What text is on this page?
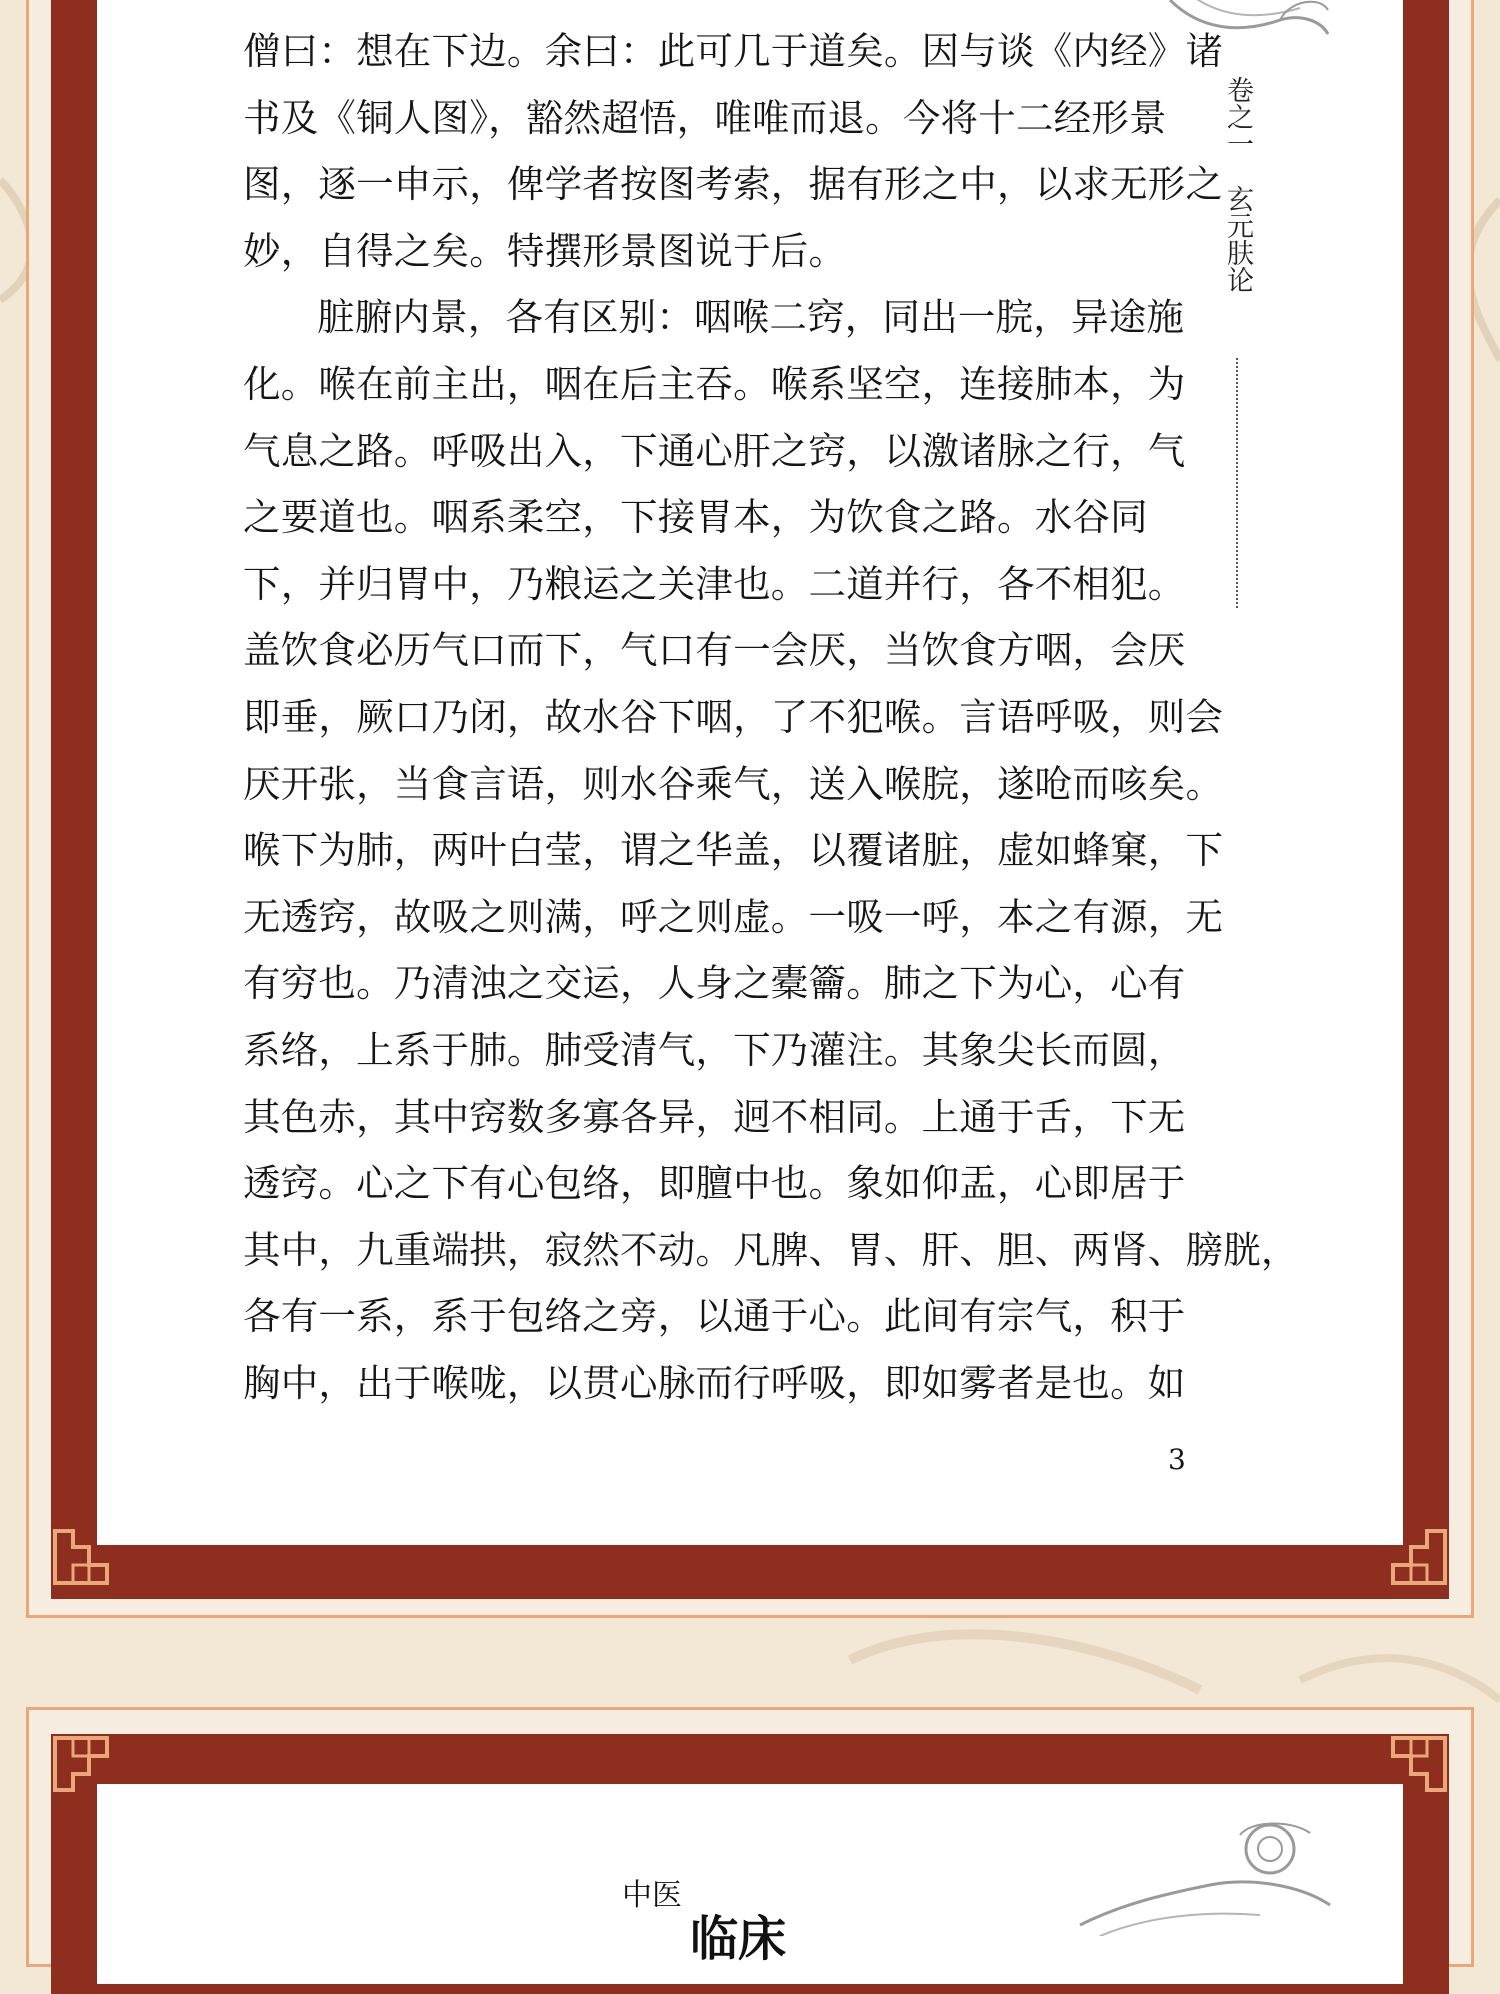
卷之一玄元肤论
僧曰：想在下边。余曰：此可几于道矣。因与谈《内经》诸
书及《铜人图》，豁然超悟，唯唯而退。今将十二经形景
图，逐一申示，俾学者按图考索，据有形之中，以求无形之
妙，自得之矣。特撰形景图说于后。
脏腑内景，各有区别：咽喉二窍，同出一脘，异途施
化。喉在前主出，咽在后主吞。喉系坚空，连接肺本，为
气息之路。呼吸出入，下通心肝之窍，以激诸脉之行，气
之要道也。咽系柔空，下接胃本，为饮食之路。水谷同
下，并归胃中，乃粮运之关津也。二道并行，各不相犯。
盖饮食必历气口而下，气口有一会厌，当饮食方咽，会厌
即垂，厥口乃闭，故水谷下咽，了不犯喉。言语呼吸，则会
厌开张，当食言语，则水谷乘气，送入喉脘，遂呛而咳矣。
喉下为肺，两叶白莹，谓之华盖，以覆诸脏，虚如蜂窠，下
无透窍，故吸之则满，呼之则虚。一吸一呼，本之有源，无
有穷也。乃清浊之交运，人身之橐籥。肺之下为心，心有
系络，上系于肺。肺受清气，下乃灌注。其象尖长而圆，
其色赤，其中窍数多寡各异，迥不相同。上通于舌，下无
透窍。心之下有心包络，即膻中也。象如仰盂，心即居于
其中，九重端拱，寂然不动。凡脾、胃、肝、胆、两肾、膀胱，
各有一系，系于包络之旁，以通于心。此间有宗气，积于
胸中，出于喉咙，以贯心脉而行呼吸，即如雾者是也。如
3
中医
临床
